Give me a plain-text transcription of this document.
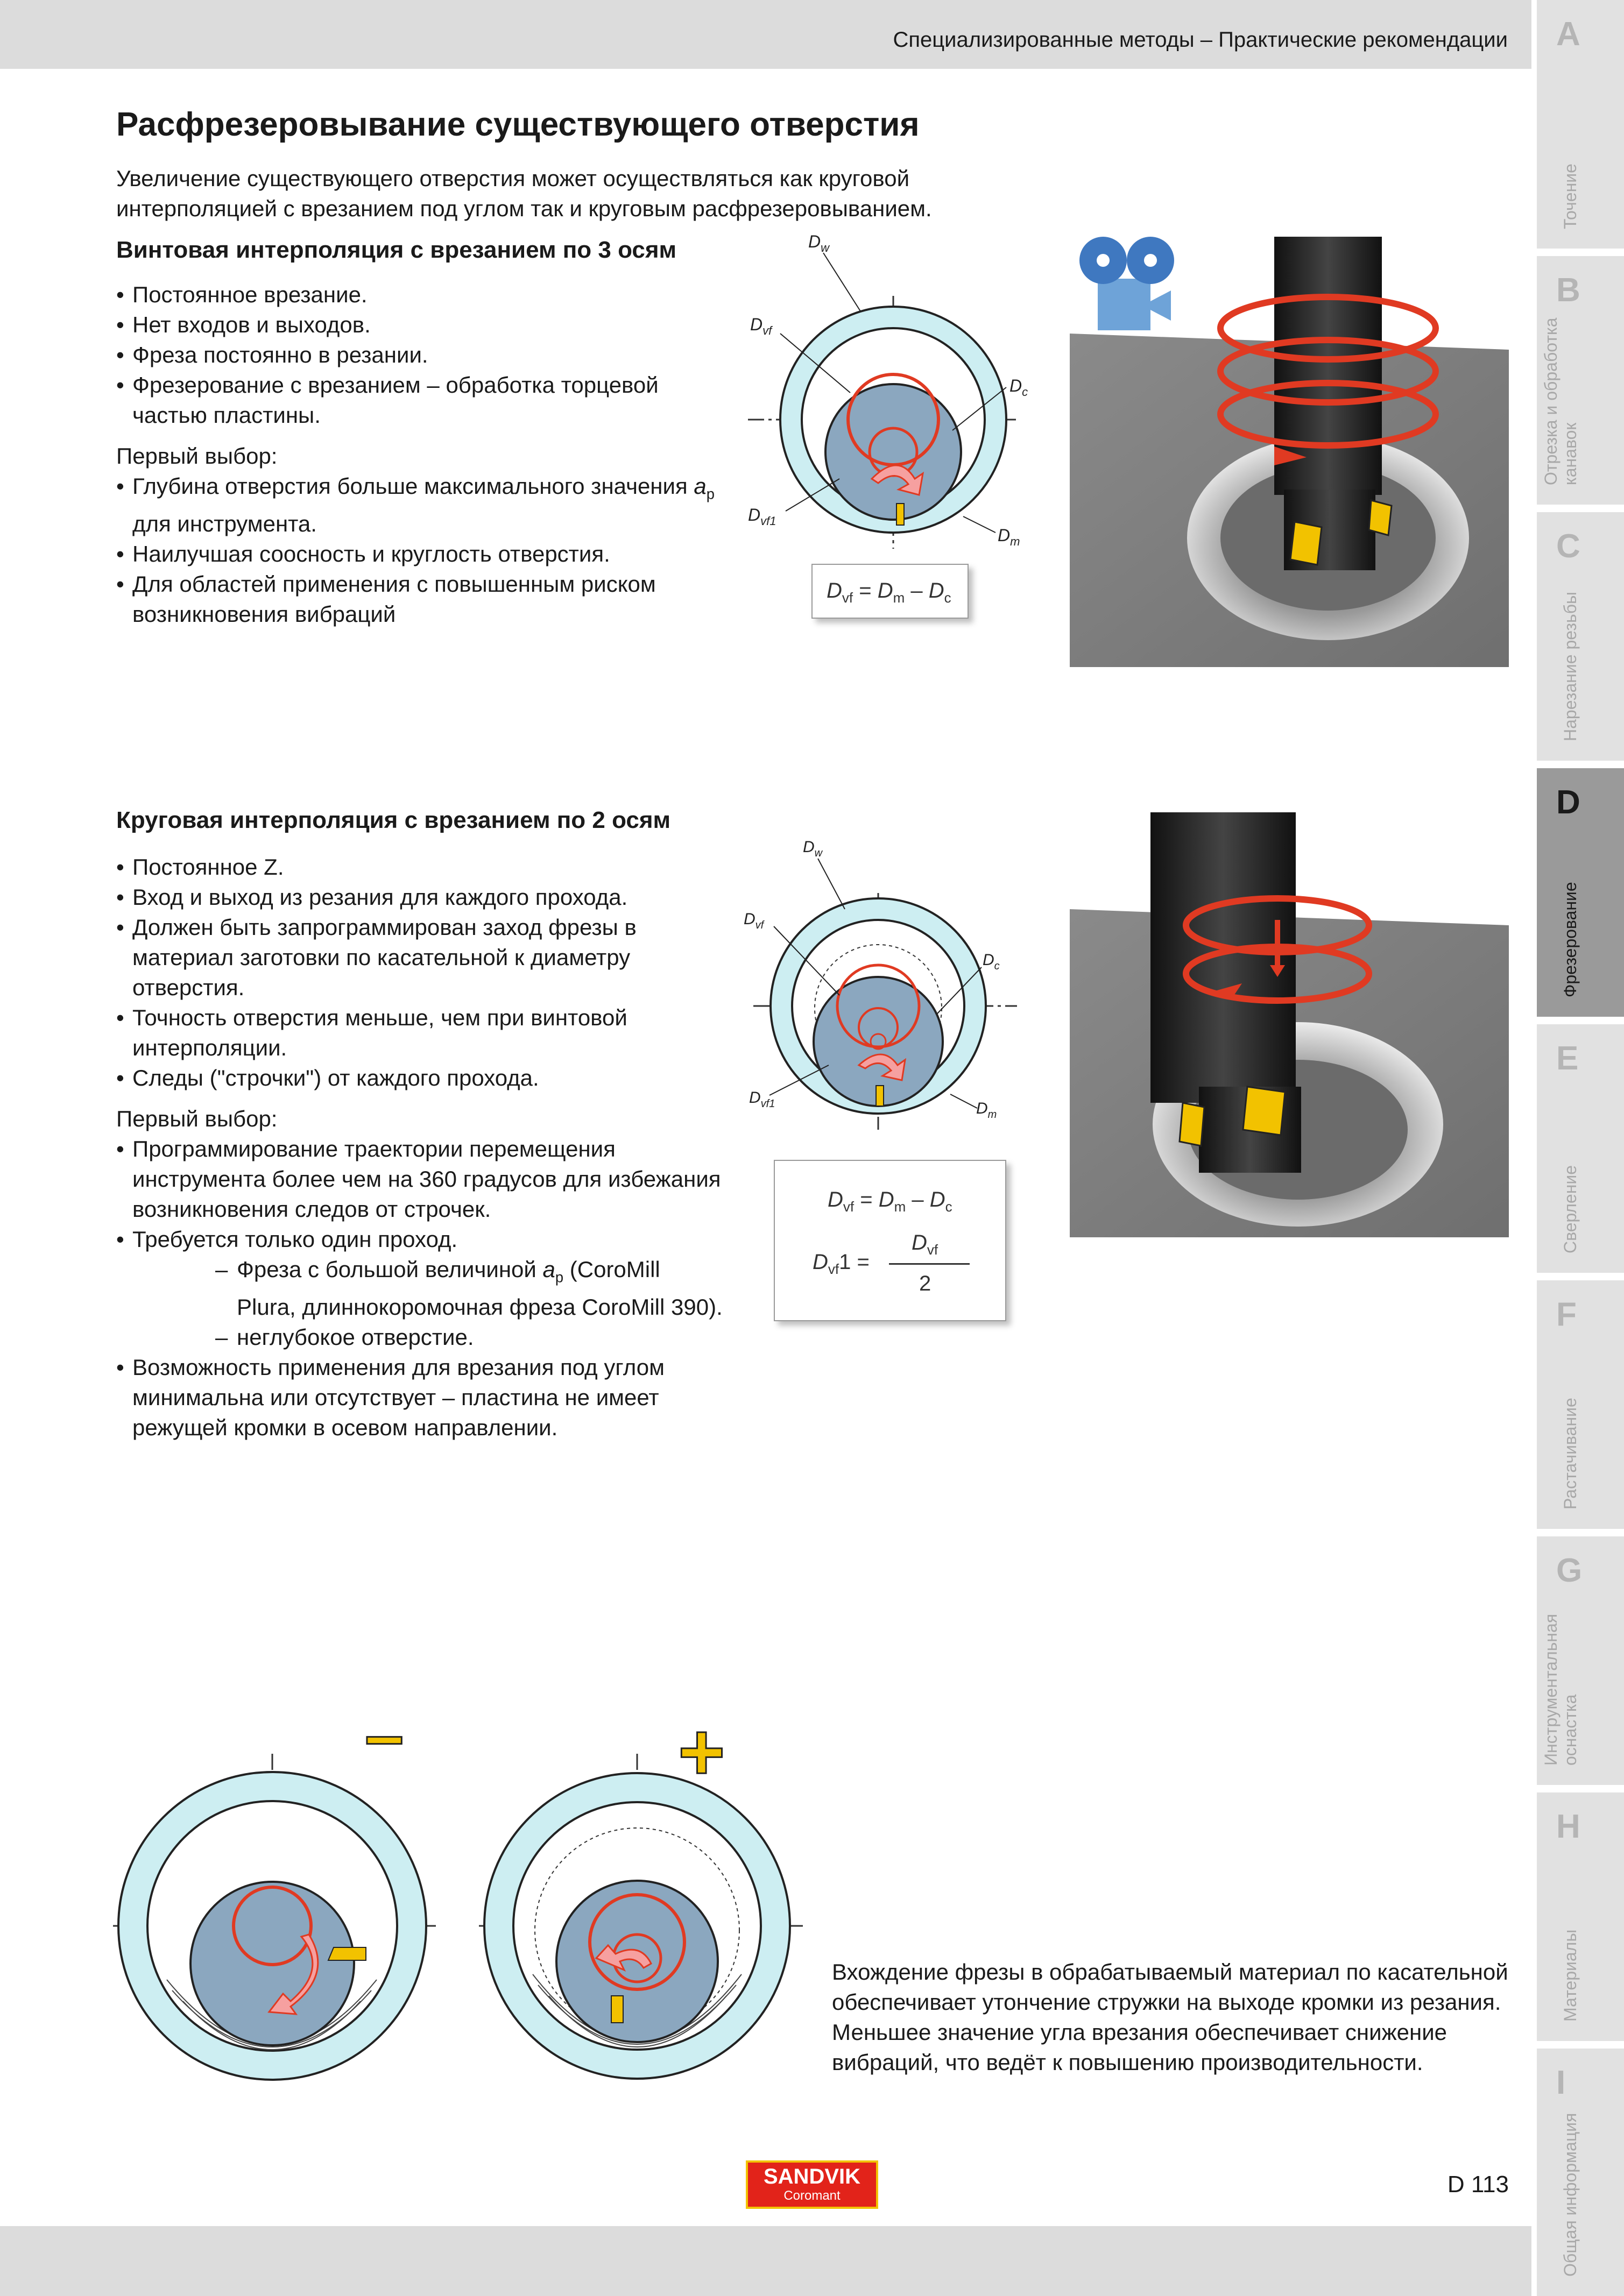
Специализированные методы – Практические рекомендации A
Точение
B
Отрезка и обработка канавок
C
Нарезание резьбы
D
Фрезерование
E
Сверление
F
Растачивание
G
Инструментальная оснастка
H
Материалы
I
Общая информация
Расфрезеровывание существующего отверстия
Увеличение существующего отверстия может осуществляться как круговой интерполяцией с врезанием под углом так и круговым расфрезеровыванием.
Винтовая интерполяция с врезанием по 3 осям
• Постоянное врезание.
• Нет входов и выходов.
• Фреза постоянно в резании.
• Фрезерование с врезанием – обработка торцевой частью пластины.

Первый выбор:

• Глубина отверстия больше максимального значения $a_p$ для инструмента.
• Наилучшая соосность и круглость отверстия.
• Для областей применения с повышенным риском возникновения вибраций
$D_w$
$D_{vf}$
$D_c$
$D_{vf1}$
$D_m$
$D_{vf} = D_m - D_c$
Круговая интерполяция с врезанием по 2 осям
• Постоянное Z.
• Вход и выход из резания для каждого прохода.
• Должен быть запрограммирован заход фрезы в материал заготовки по касательной к диаметру отверстия.
• Точность отверстия меньше, чем при винтовой интерполяции.
• Следы ("строчки") от каждого прохода.

Первый выбор:

• Программирование траектории перемещения инструмента более чем на 360 градусов для избежания возникновения следов от строчек.
• Требуется только один проход.
– Фреза с большой величиной $a_p$ (CoroMill Plura, длиннокоромочная фреза CoroMill 390).
– неглубокое отверстие.
• Возможность применения для врезания под углом минимальна или отсутствует – пластина не имеет режущей кромки в осевом направлении.
$D_w$
$D_{vf}$
$D_c$
$D_{vf1}$	$D_m$
$D_{vf} = D_m - D_c$
$D_{vf}1$ =
$D_{vf}$
2
–	+
Вхождение фрезы в обрабатываемый материал по касательной обеспечивает утончение стружки на выходе кромки из резания. Меньшее значение угла врезания обеспечивает снижение вибраций, что ведёт к повышению производительности.
SANDVIK
Coromant	D 113
